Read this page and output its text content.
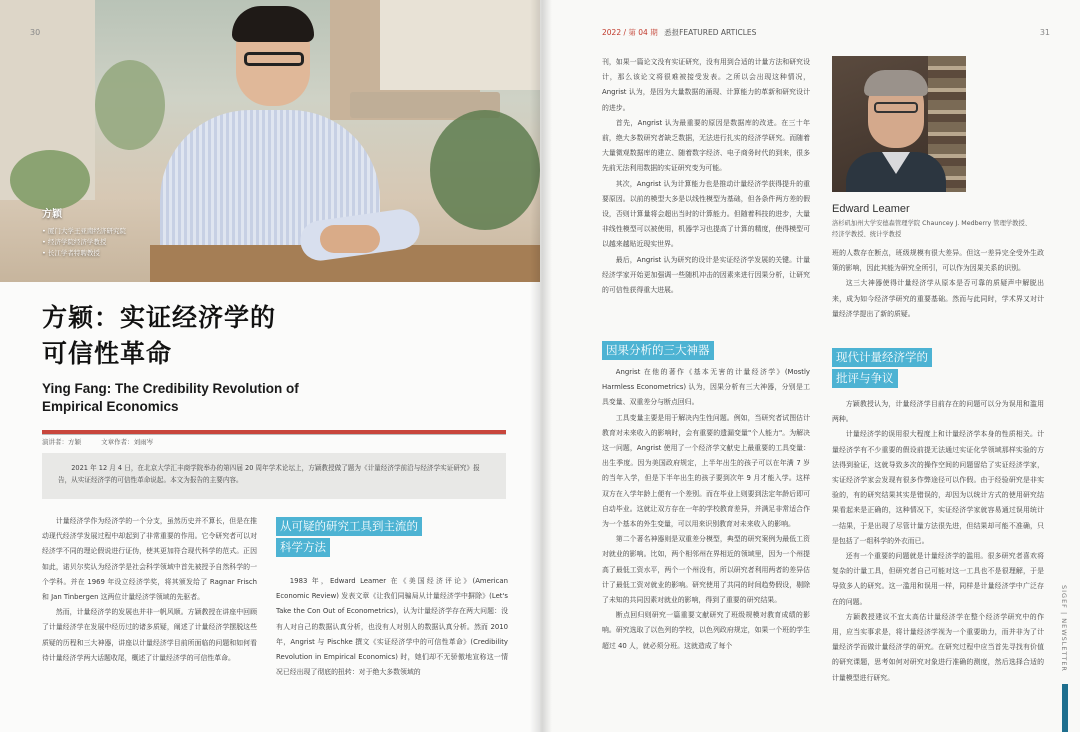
方颖
• 厦门大学王亚南经济研究院
• 经济学院经济学教授
• 长江学者特聘教授
30
方颖：实证经济学的
可信性革命
Ying Fang: The Credibility Revolution of
Empirical Economics
演讲者：方颖	文章作者：刘雨岑
2021 年 12 月 4 日，在北京大学汇丰商学院举办的第四届 20 周年学术论坛上，方颖教授做了题为《计量经济学前沿与经济学实证研究》报告，从实证经济学的可信性革命说起。本文为报告的主要内容。

计量经济学作为经济学的一个分支，虽然历史并不算长，但是在推动现代经济学发展过程中却起到了非常重要的作用。它令研究者可以对经济学不同的理论假说进行证伪，使其更加符合现代科学的范式。正因如此，诺贝尔奖认为经济学是社会科学领域中首先被授予自然科学的一个学科。并在 1969 年设立经济学奖，将其颁发给了 Ragnar Frisch 和 Jan Tinbergen 这两位计量经济学领域的先驱者。

然而，计量经济学的发展也并非一帆风顺。方颖教授在讲座中回顾了计量经济学在发展中经历过的诸多质疑，阐述了计量经济学摆脱这些质疑的历程和三大神器，讲座以计量经济学目前所面临的问题和如何看待计量经济学两大话题收尾，概述了计量经济学的可信性革命。

从可疑的研究工具到主流的
科学方法

1983 年，Edward Leamer 在《美国经济评论》(American Economic Review) 发表文章《让我们同骗局从计量经济学中摒除》(Let's Take the Con Out of Econometrics)，认为计量经济学存在两大问题：没有人对自己的数据认真分析，也没有人对别人的数据认真分析。然而 2010 年，Angrist 与 Pischke 撰文《实证经济学中的可信性革命》(Credibility Revolution in Empirical Economics) 时，她们却不无骄傲地宣称这一情况已经出现了彻底的扭转：对于绝大多数领域的

2022 / 第 04 期 悉报FEATURED ARTICLES	31

刊，如果一篇论文没有实证研究，没有用到合适的计量方法和研究设计，那么该论文将很难被接受发表。之所以会出现这种情况，Angrist 认为，是因为大量数据的涌现、计算能力的革新和研究设计的进步。

首先，Angrist 认为最重要的原因是数据库的改进。在三十年前，绝大多数研究者缺乏数据，无法进行扎实的经济学研究。而随着大量微观数据库的建立、随着数字经济、电子商务时代的到来，很多先前无法利用数据的实证研究变为可能。

其次，Angrist 认为计算能力也是推动计量经济学获得提升的重要原因。以前的模型大多是以线性模型为基础，但各条件两方差的假设，否则计算量将会超出当时的计算能力。但随着科技的进步，大量非线性模型可以被使用，机器学习也提高了计算的精度，使得模型可以越来越贴近现实世界。

最后，Angrist 认为研究的设计是实证经济学发展的关键。计量经济学家开始更加强调一些随机冲击的因素来进行因果分析，让研究的可信性获得重大进展。

因果分析的三大神器

Angrist 在他的著作《基本无害的计量经济学》(Mostly Harmless Econometrics) 认为，因果分析有三大神器，分别是工具变量、双重差分与断点回归。

工具变量主要是用于解决内生性问题。例如，当研究者试图估计教育对未来收入的影响时，会有重要的遗漏变量"个人能力"。为解决这一问题，Angrist 使用了一个经济学文献史上最重要的工具变量：出生季度。因为美国政府规定，上半年出生的孩子可以在年满 7 岁的当年入学，但是下半年出生的孩子要到次年 9 月才能入学。这样双方在入学年龄上便有一个差别。而在毕业上则要到法定年龄后即可自动毕业。这就让双方存在一年的学校教育差异，并满足非常适合作为一个基本的外生变量，可以用来识别教育对未来收入的影响。

第二个著名神器则是双重差分模型，典型的研究案例为最低工资对就业的影响。比如，两个相邻州在界相近的领域里，因为一个州提高了最低工资水平，两个一个州没有，所以研究者利用两者的差异估计了最低工资对就业的影响。研究使用了共同的时间趋势假设，剔除了未知的共同因素对就业的影响，得到了重要的研究结果。

断点回归则研究一篇重要文献研究了班级规模对教育成绩的影响。研究选取了以色列的学校，以色列政府规定，如果一个班的学生超过 40 人，就必须分班。这就造成了每个

Edward Leamer
洛杉矶加州大学安德森管理学院 Chauncey J. Medberry 管理学教授、
经济学教授、统计学教授

班的人数存在断点，班级规模有很大差异。但这一差异完全受外生政策的影响，因此其能为研究全所引，可以作为因果关系的识别。

这三大神器使得计量经济学从原本是否可靠的质疑声中解脱出来，成为如今经济学研究的重要基础。然而与此同时，学术界又对计量经济学提出了新的质疑。

现代计量经济学的
批评与争议

方颖教授认为，计量经济学目前存在的问题可以分为误用和滥用两种。

计量经济学的误用很大程度上和计量经济学本身的性质相关。计量经济学有不少重要的假设前提无法通过实证化学领域那样实验的方法得到验证，这就导致多次的操作空间的问题留给了实证经济学家，实证经济学家会发现有很多作弊途径可以作假。由于经验研究是非实验的，有的研究结果其实是错误的，却因为以统计方式的使用研究结果看起来是正确的，这种情况下，实证经济学家就容易通过误用统计一结果，于是出现了尽管计量方法很先进，但结果却可能不准确，只是包括了一组科学的外衣而已。

还有一个重要的问题就是计量经济学的滥用。很多研究者喜欢将复杂的计量工具，但研究者自己可能对这一工具也不是很理解，于是导致多人的研究。这一滥用和误用一样，同样是计量经济学中广泛存在的问题。

方颖教授建议不宜太高估计量经济学在整个经济学研究中的作用，应当实事求是，将计量经济学视为一个重要助力，而并非为了计量经济学而做计量经济学的研究。在研究过程中应当首先寻找有价值的研究课题，思考如何对研究对象进行准确的测度，然后选择合适的计量模型进行研究。

SIGEF | NEWSLETTER
